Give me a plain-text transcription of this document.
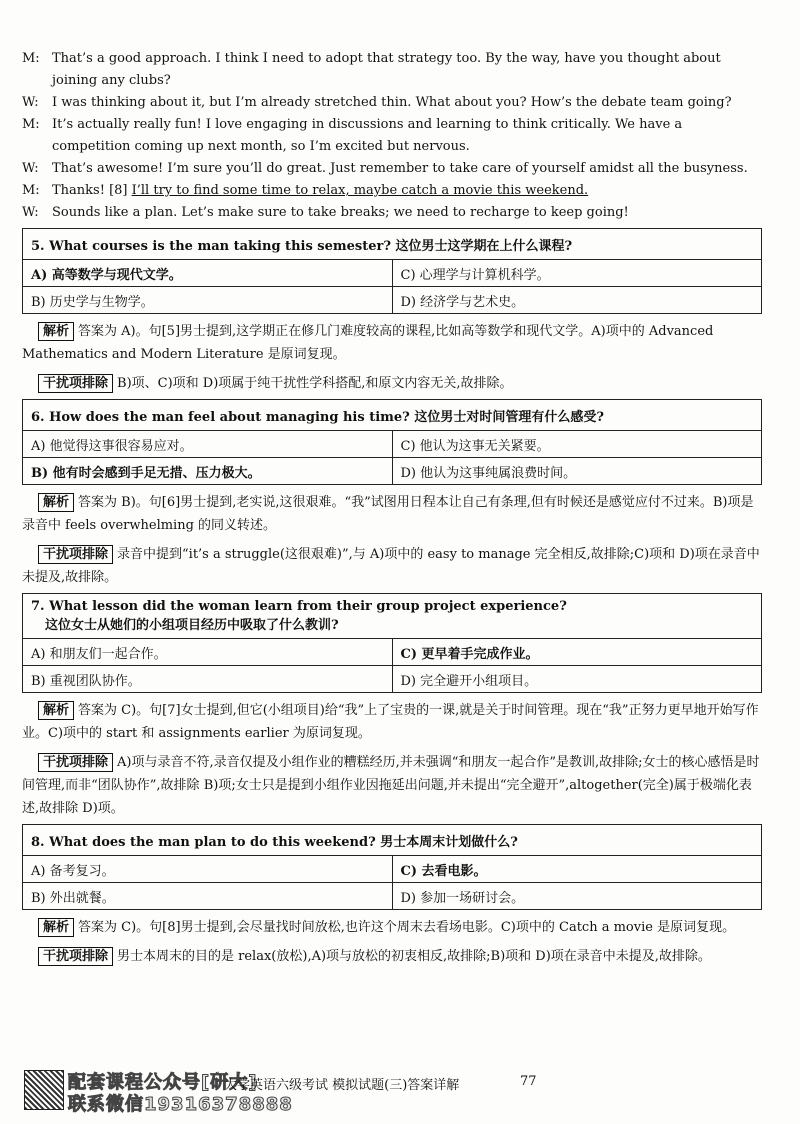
M: That’s a good approach. I think I need to adopt that strategy too. By the way, have you thought about joining any clubs?
W:	I was thinking about it, but I’m already stretched thin. What about you? How’s the debate team going?
M: It’s actually really fun! I love engaging in discussions and learning to think critically. We have a competition coming up next month, so I’m excited but nervous.
W:	That’s awesome! I’m sure you’ll do great. Just remember to take care of yourself amidst all the busyness.
M: Thanks! [8] I’ll try to find some time to relax, maybe catch a movie this weekend.
W:	Sounds like a plan. Let’s make sure to take breaks; we need to recharge to keep going!
5. What courses is the man taking this semester? 这位男士这学期在上什么课程?	
A) 高等数学与现代文学。	C) 心理学与计算机科学。
B) 历史学与生物学。	D) 经济学与艺术史。
解析 答案为 A)。句[5]男士提到,这学期正在修几门难度较高的课程,比如高等数学和现代文学。A)项中的 Advanced Mathematics and Modern Literature 是原词复现。
干扰项排除 B)项、C)项和 D)项属于纯干扰性学科搭配,和原文内容无关,故排除。
6. How does the man feel about managing his time? 这位男士对时间管理有什么感受?	
A) 他觉得这事很容易应对。	C) 他认为这事无关紧要。
B) 他有时会感到手足无措、压力极大。	D) 他认为这事纯属浪费时间。
解析 答案为 B)。句[6]男士提到,老实说,这很艰难。“我”试图用日程本让自己有条理,但有时候还是感觉应付不过来。B)项是录音中 feels overwhelming 的同义转述。
干扰项排除 录音中提到“it’s a struggle(这很艰难)”,与 A)项中的 easy to manage 完全相反,故排除;C)项和 D)项在录音中未提及,故排除。
7. What lesson did the woman learn from their group project experience?
这位女士从她们的小组项目经历中吸取了什么教训?	

A) 和朋友们一起合作。	C) 更早着手完成作业。
B) 重视团队协作。	D) 完全避开小组项目。
解析 答案为 C)。句[7]女士提到,但它(小组项目)给“我”上了宝贵的一课,就是关于时间管理。现在“我”正努力更早地开始写作业。C)项中的 start 和 assignments earlier 为原词复现。
干扰项排除 A)项与录音不符,录音仅提及小组作业的糟糕经历,并未强调“和朋友一起合作”是教训,故排除;女士的核心感悟是时间管理,而非“团队协作”,故排除 B)项;女士只是提到小组作业因拖延出问题,并未提出“完全避开”,altogether(完全)属于极端化表述,故排除 D)项。
8. What does the man plan to do this weekend? 男士本周末计划做什么?	
A) 备考复习。	C) 去看电影。
B) 外出就餐。	D) 参加一场研讨会。
解析 答案为 C)。句[8]男士提到,会尽量找时间放松,也许这个周末去看场电影。C)项中的 Catch a movie 是原词复现。
干扰项排除 男士本周末的目的是 relax(放松),A)项与放松的初衷相反,故排除;B)项和 D)项在录音中未提及,故排除。
配套课程公众号[研大]
联系微信19316378888
大学英语六级考试 模拟试题(三)答案详解	77
